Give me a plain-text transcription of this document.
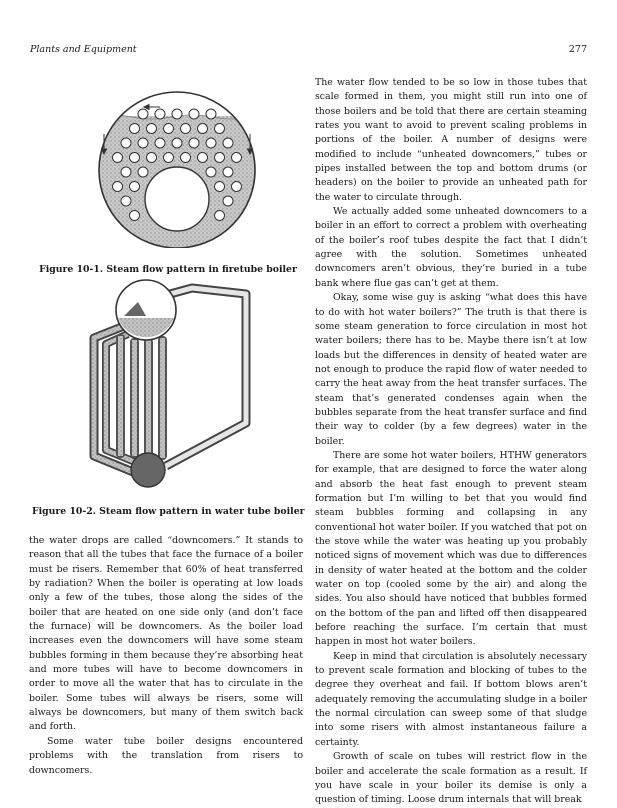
Plants and Equipment	277
Figure 10-1. Steam flow pattern in firetube boiler
Figure 10-2. Steam flow pattern in water tube boiler

the water drops are called “downcomers.” It stands to reason that all the tubes that face the furnace of a boiler must be risers. Remember that 60% of heat transferred by radiation? When the boiler is operating at low loads only a few of the tubes, those along the sides of the boiler that are heated on one side only (and don’t face the furnace) will be downcomers. As the boiler load increases even the downcomers will have some steam bubbles forming in them because they’re absorbing heat and more tubes will have to become downcomers in order to move all the water that has to circulate in the boiler. Some tubes will always be risers, some will always be downcomers, but many of them switch back and forth.

Some water tube boiler designs encountered problems with the translation from risers to downcomers.

The water flow tended to be so low in those tubes that scale formed in them, you might still run into one of those boilers and be told that there are certain steaming rates you want to avoid to prevent scaling problems in portions of the boiler. A number of designs were modified to include “unheated downcomers,” tubes or pipes installed between the top and bottom drums (or headers) on the boiler to provide an unheated path for the water to circulate through.

We actually added some unheated downcomers to a boiler in an effort to correct a problem with overheating of the boiler’s roof tubes despite the fact that I didn’t agree with the solution. Sometimes unheated downcomers aren’t obvious, they’re buried in a tube bank where flue gas can’t get at them.

Okay, some wise guy is asking “what does this have to do with hot water boilers?” The truth is that there is some steam generation to force circulation in most hot water boilers; there has to be. Maybe there isn’t at low loads but the differences in density of heated water are not enough to produce the rapid flow of water needed to carry the heat away from the heat transfer surfaces. The steam that’s generated condenses again when the bubbles separate from the heat transfer surface and find their way to colder (by a few degrees) water in the boiler.

There are some hot water boilers, HTHW generators for example, that are designed to force the water along and absorb the heat fast enough to prevent steam formation but I’m willing to bet that you would find steam bubbles forming and collapsing in any conventional hot water boiler. If you watched that pot on the stove while the water was heating up you probably noticed signs of movement which was due to differences in density of water heated at the bottom and the colder water on top (cooled some by the air) and along the sides. You also should have noticed that bubbles formed on the bottom of the pan and lifted off then disappeared before reaching the surface. I’m certain that must happen in most hot water boilers.

Keep in mind that circulation is absolutely necessary to prevent scale formation and blocking of tubes to the degree they overheat and fail. If bottom blows aren’t adequately removing the accumulating sludge in a boiler the normal circulation can sweep some of that sludge into some risers with almost instantaneous failure a certainty.

Growth of scale on tubes will restrict flow in the boiler and accelerate the scale formation as a result. If you have scale in your boiler its demise is only a question of timing. Loose drum internals that will break
